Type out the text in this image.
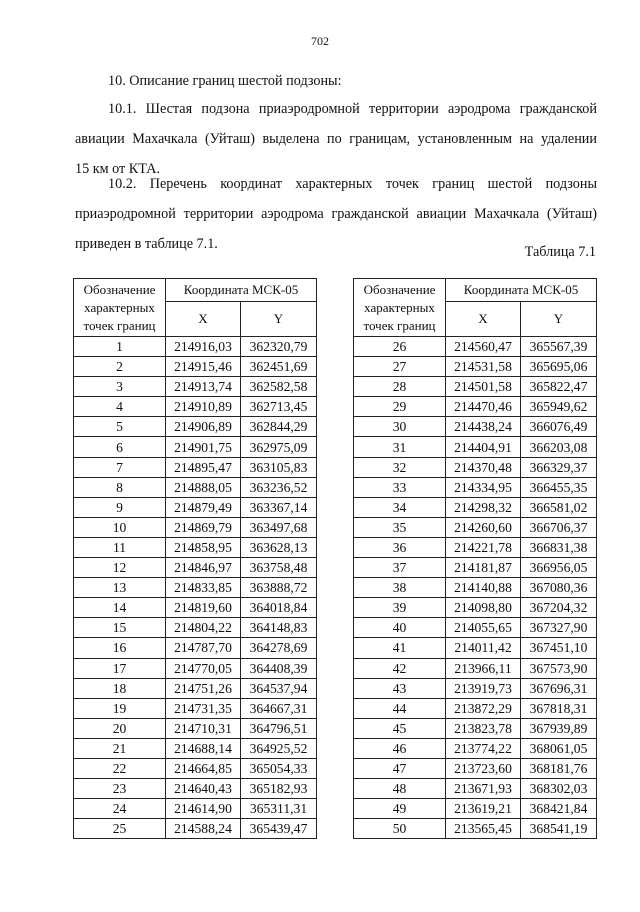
702
10. Описание границ шестой подзоны:
10.1. Шестая подзона приаэродромной территории аэродрома гражданской
авиации Махачкала (Уйташ) выделена по границам, установленным на удалении
15 км от КТА.
10.2. Перечень координат характерных точек границ шестой подзоны
приаэродромной территории аэродрома гражданской авиации Махачкала (Уйташ)
приведен в таблице 7.1.	Таблица 7.1
Обозначение характерных точек границ	Координата МСК-05	
	X	Y
1	214916,03	362320,79
2	214915,46	362451,69
3	214913,74	362582,58
4	214910,89	362713,45
5	214906,89	362844,29
6	214901,75	362975,09
7	214895,47	363105,83
8	214888,05	363236,52
9	214879,49	363367,14
10	214869,79	363497,68
11	214858,95	363628,13
12	214846,97	363758,48
13	214833,85	363888,72
14	214819,60	364018,84
15	214804,22	364148,83
16	214787,70	364278,69
17	214770,05	364408,39
18	214751,26	364537,94
19	214731,35	364667,31
20	214710,31	364796,51
21	214688,14	364925,52
22	214664,85	365054,33
23	214640,43	365182,93
24	214614,90	365311,31
25	214588,24	365439,47
Обозначение характерных точек границ	Координата МСК-05	
	X	Y
26	214560,47	365567,39
27	214531,58	365695,06
28	214501,58	365822,47
29	214470,46	365949,62
30	214438,24	366076,49
31	214404,91	366203,08
32	214370,48	366329,37
33	214334,95	366455,35
34	214298,32	366581,02
35	214260,60	366706,37
36	214221,78	366831,38
37	214181,87	366956,05
38	214140,88	367080,36
39	214098,80	367204,32
40	214055,65	367327,90
41	214011,42	367451,10
42	213966,11	367573,90
43	213919,73	367696,31
44	213872,29	367818,31
45	213823,78	367939,89
46	213774,22	368061,05
47	213723,60	368181,76
48	213671,93	368302,03
49	213619,21	368421,84
50	213565,45	368541,19
